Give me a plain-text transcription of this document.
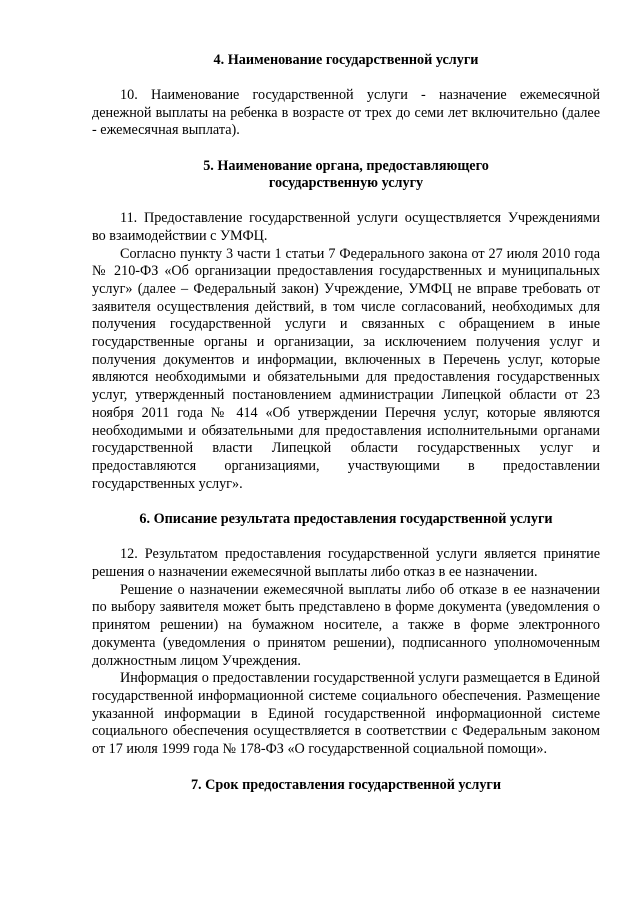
4. Наименование государственной услуги

10. Наименование государственной услуги - назначение ежемесячной денежной выплаты на ребенка в возрасте от трех до семи лет включительно (далее - ежемесячная выплата).

5. Наименование органа, предоставляющего
государственную услугу

11. Предоставление государственной услуги осуществляется Учреждениями во взаимодействии с УМФЦ.

Согласно пункту 3 части 1 статьи 7 Федерального закона от 27 июля 2010 года № 210-ФЗ «Об организации предоставления государственных и муниципальных услуг» (далее – Федеральный закон) Учреждение, УМФЦ не вправе требовать от заявителя осуществления действий, в том числе согласований, необходимых для получения государственной услуги и связанных с обращением в иные государственные органы и организации, за исключением получения услуг и получения документов и информации, включенных в Перечень услуг, которые являются необходимыми и обязательными для предоставления государственных услуг, утвержденный постановлением администрации Липецкой области от 23 ноября 2011 года № 414 «Об утверждении Перечня услуг, которые являются необходимыми и обязательными для предоставления исполнительными органами государственной власти Липецкой области государственных услуг и предоставляются организациями, участвующими в предоставлении государственных услуг».

6. Описание результата предоставления государственной услуги

12. Результатом предоставления государственной услуги является принятие решения о назначении ежемесячной выплаты либо отказ в ее назначении.

Решение о назначении ежемесячной выплаты либо об отказе в ее назначении по выбору заявителя может быть представлено в форме документа (уведомления о принятом решении) на бумажном носителе, а также в форме электронного документа (уведомления о принятом решении), подписанного уполномоченным должностным лицом Учреждения.

Информация о предоставлении государственной услуги размещается в Единой государственной информационной системе социального обеспечения. Размещение указанной информации в Единой государственной информационной системе социального обеспечения осуществляется в соответствии с Федеральным законом от 17 июля 1999 года № 178-ФЗ «О государственной социальной помощи».

7. Срок предоставления государственной услуги
